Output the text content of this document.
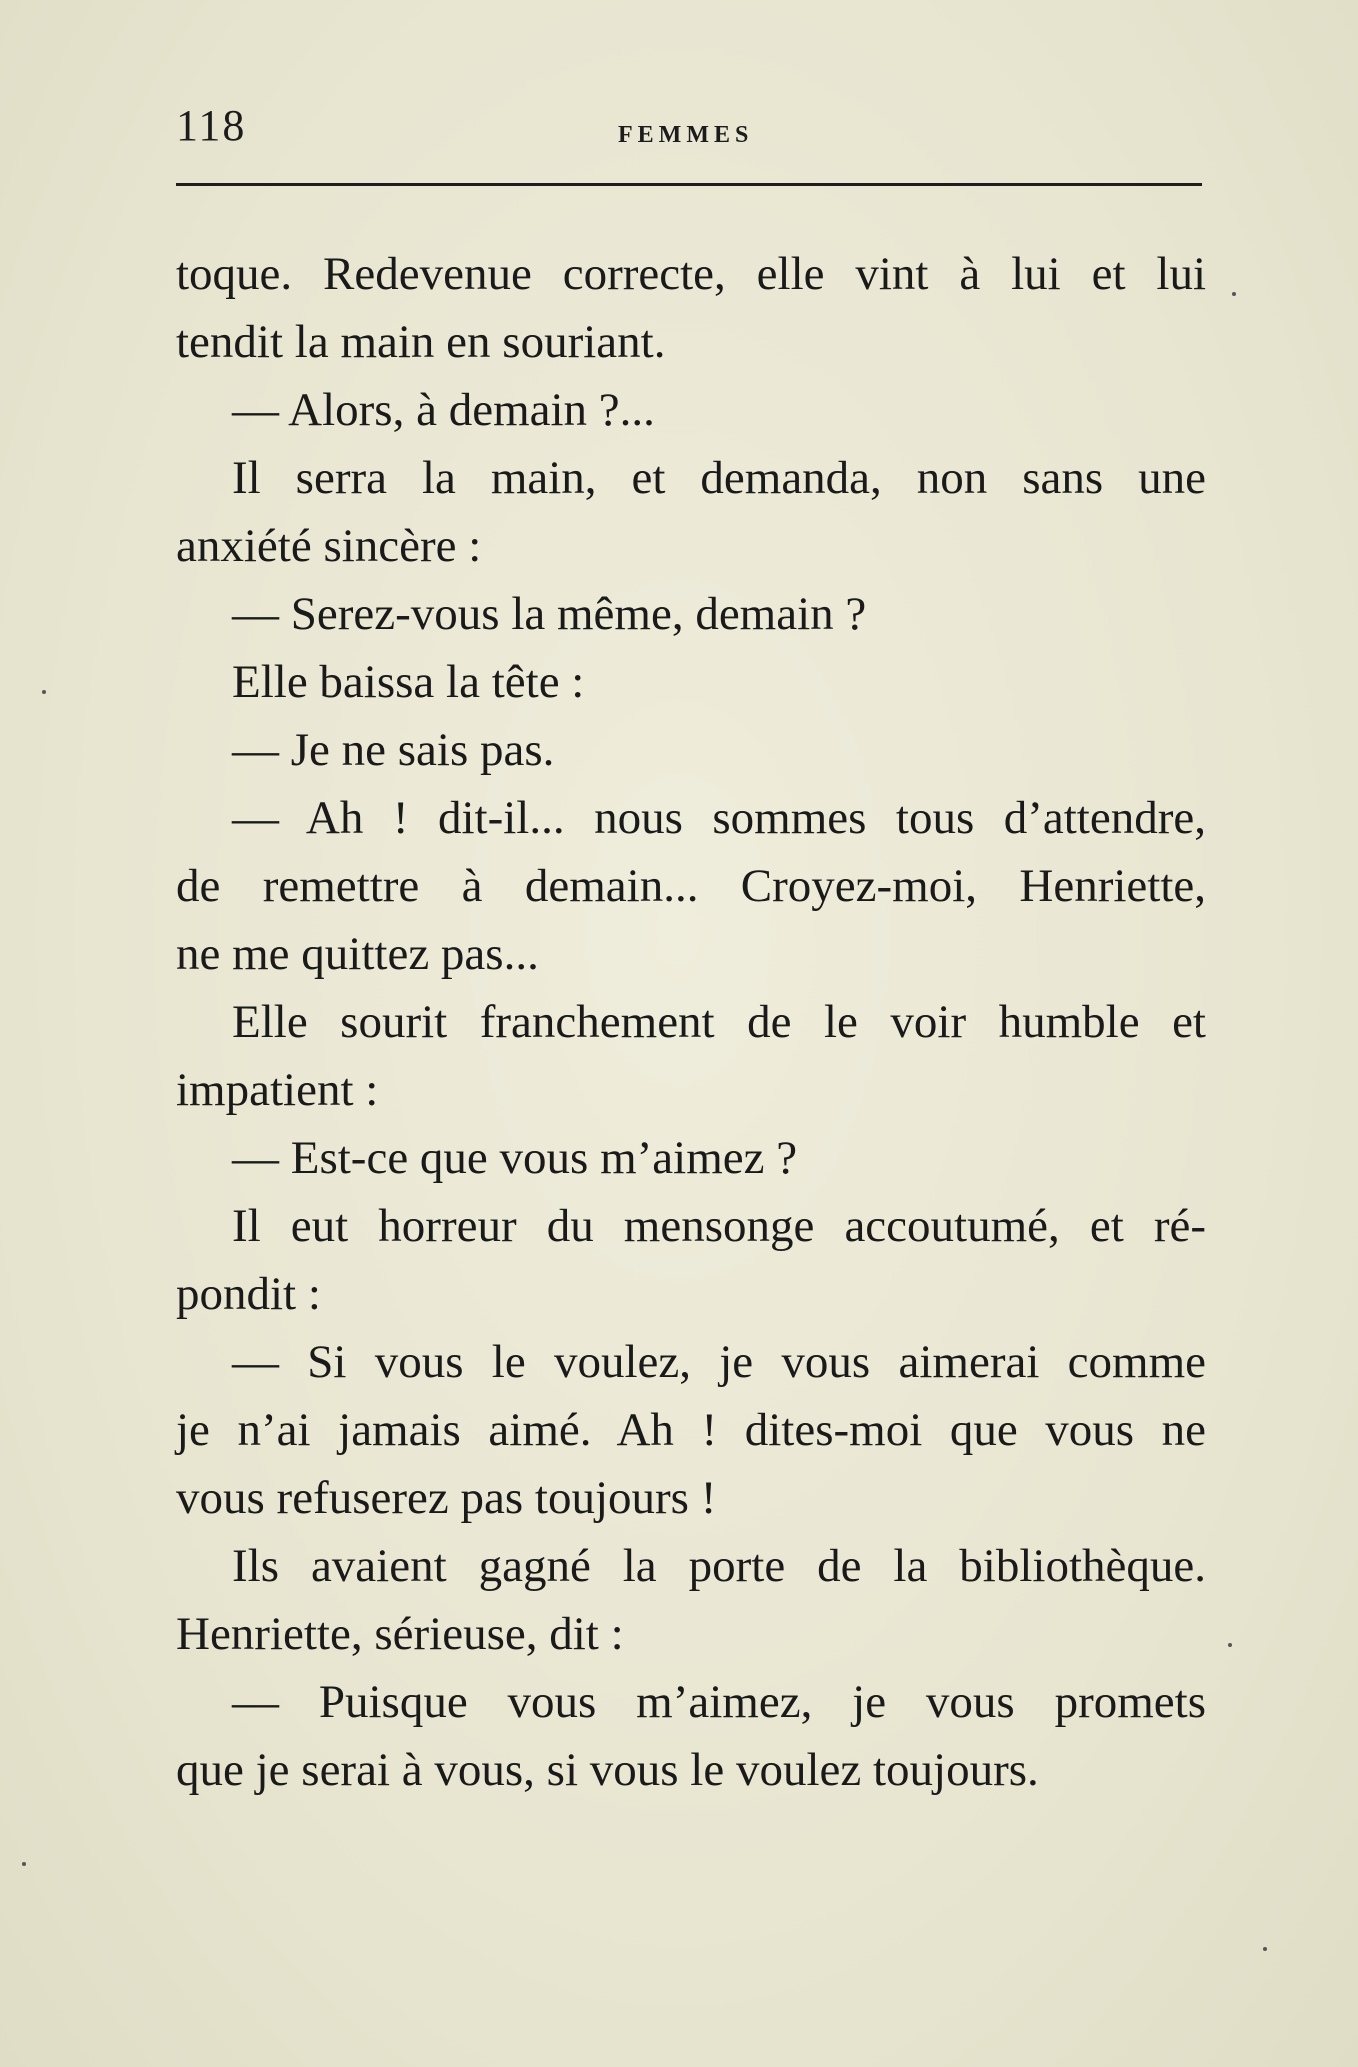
118	FEMMES
toque. Redevenue correcte, elle vint à lui et lui
tendit la main en souriant.
— Alors, à demain ?...
Il serra la main, et demanda, non sans une
anxiété sincère :
— Serez-vous la même, demain ?
Elle baissa la tête :
— Je ne sais pas.
— Ah ! dit-il... nous sommes tous d’attendre,
de remettre à demain... Croyez-moi, Henriette,
ne me quittez pas...
Elle sourit franchement de le voir humble et
impatient :
— Est-ce que vous m’aimez ?
Il eut horreur du mensonge accoutumé, et ré-
pondit :
— Si vous le voulez, je vous aimerai comme
je n’ai jamais aimé. Ah ! dites-moi que vous ne
vous refuserez pas toujours !
Ils avaient gagné la porte de la bibliothèque.
Henriette, sérieuse, dit :
— Puisque vous m’aimez, je vous promets
que je serai à vous, si vous le voulez toujours.
